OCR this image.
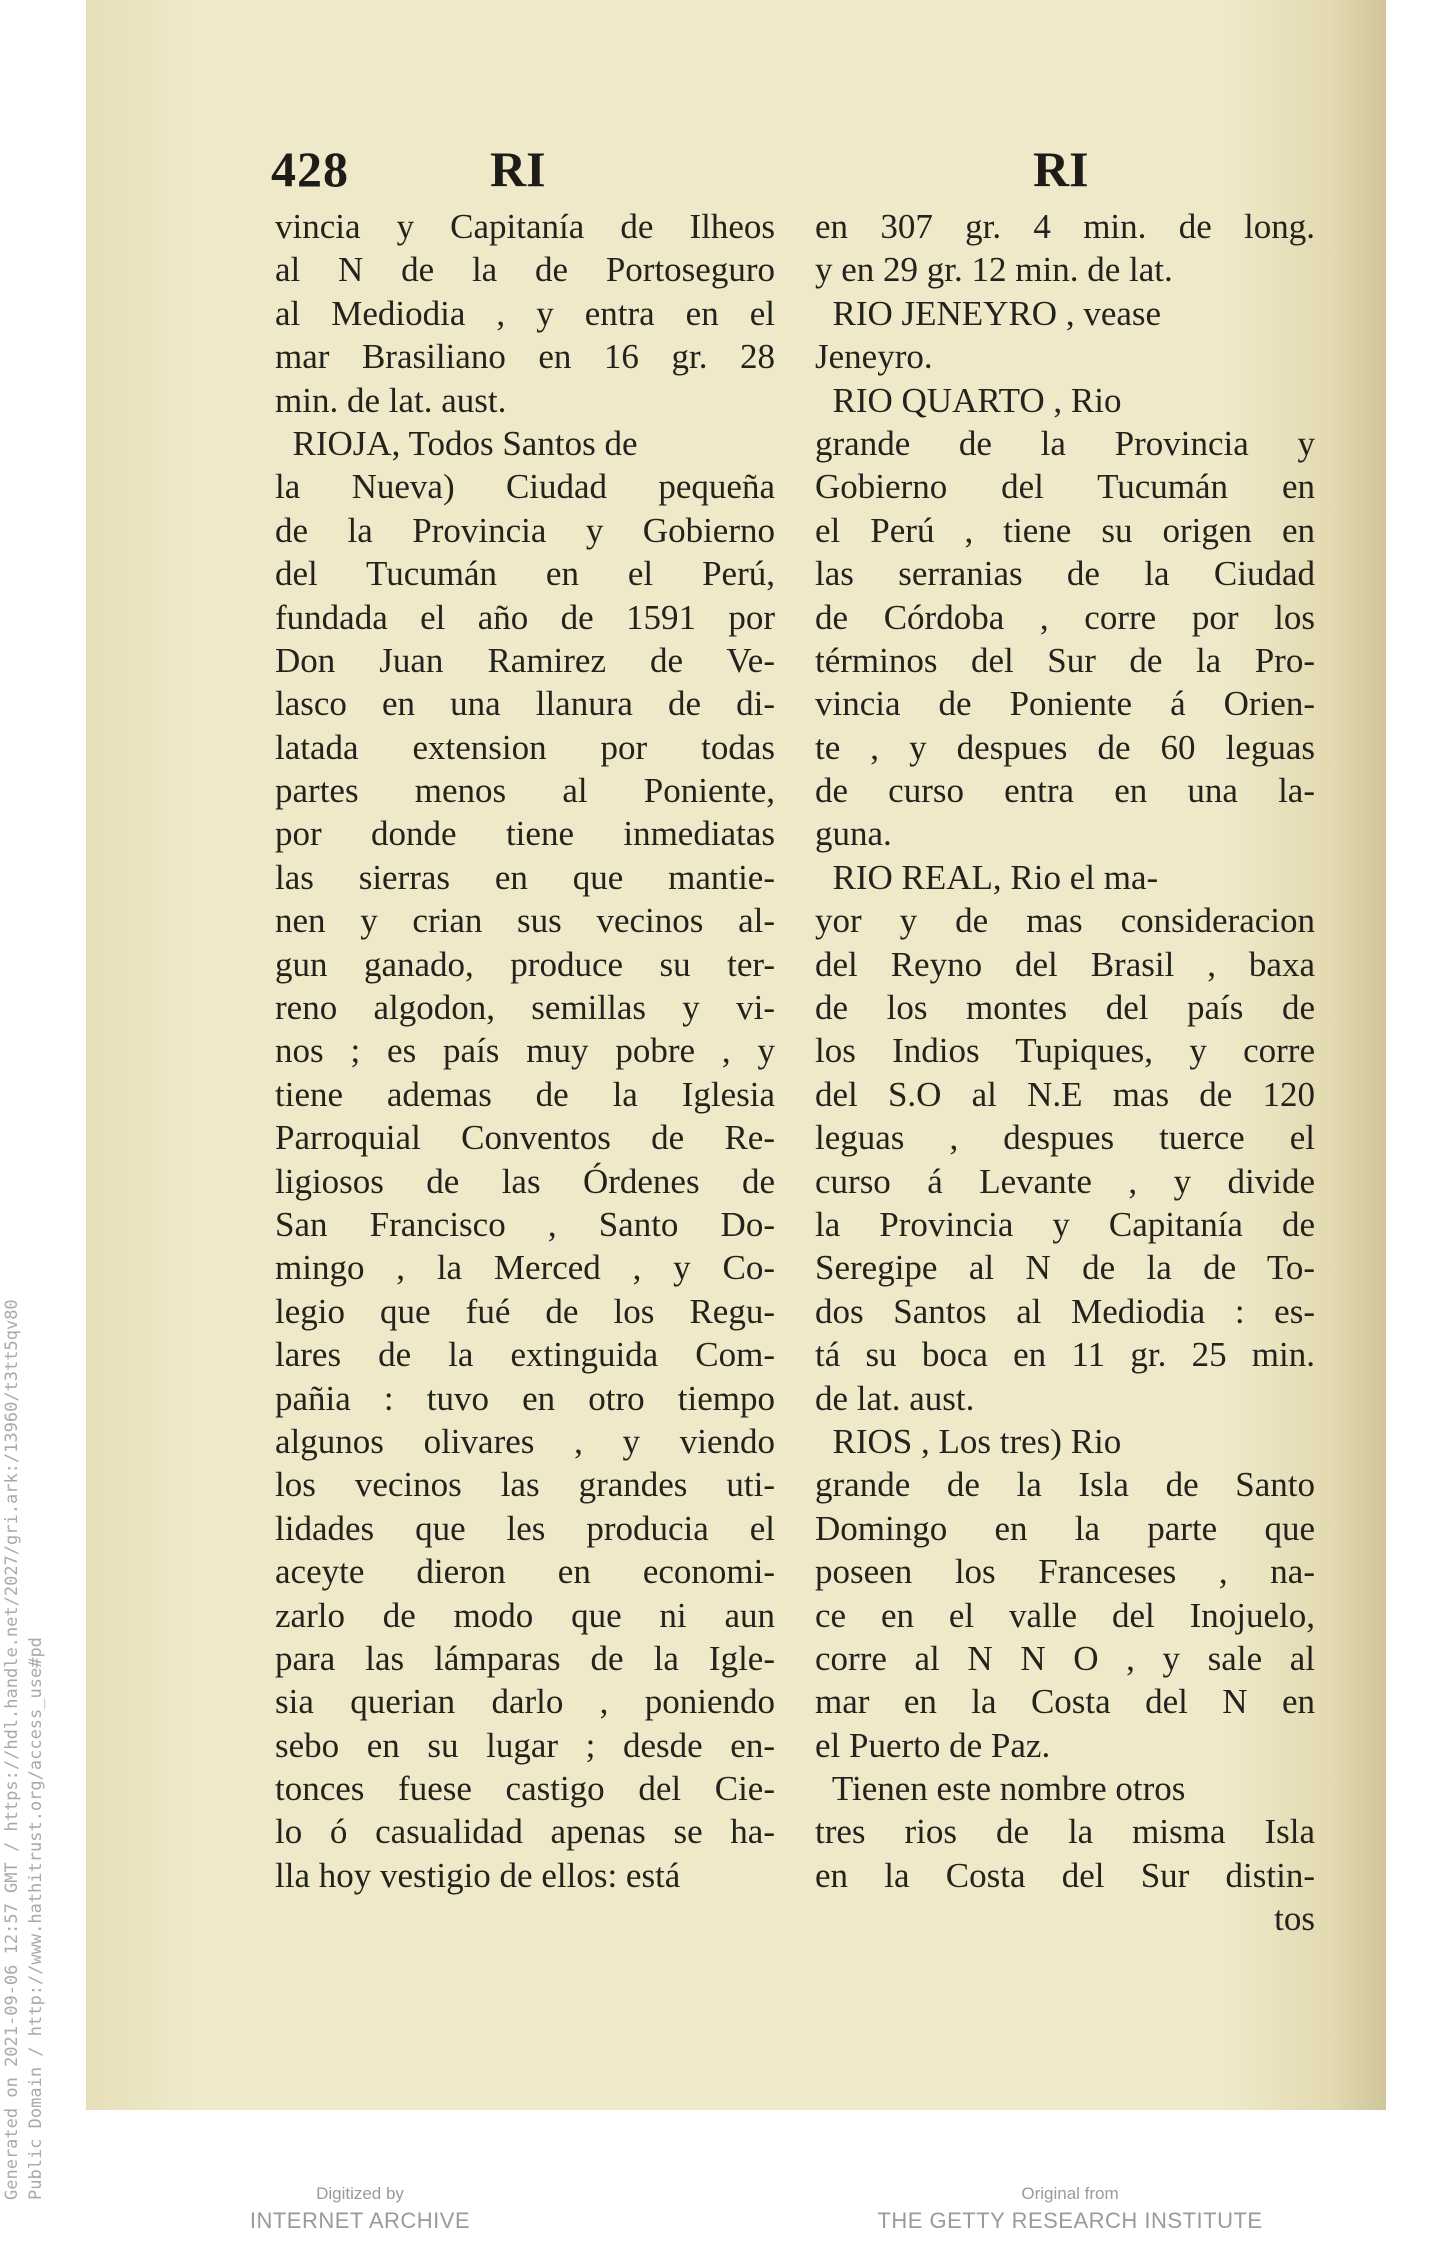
Generated on 2021-09-06 12:57 GMT / https://hdl.handle.net/2027/gri.ark:/13960/t3tt5qv80 Public Domain / http://www.hathitrust.org/access_use#pd
428	RI	RI
vincia y Capitanía de Ilheos
al N de la de Portoseguro
al Mediodia , y entra en el
mar Brasiliano en 16 gr. 28
min. de lat. aust.
RIOJA, Todos Santos de
la Nueva) Ciudad pequeña
de la Provincia y Gobierno
del Tucumán en el Perú,
fundada el año de 1591 por
Don Juan Ramirez de Ve-
lasco en una llanura de di-
latada extension por todas
partes menos al Poniente,
por donde tiene inmediatas
las sierras en que mantie-
nen y crian sus vecinos al-
gun ganado, produce su ter-
reno algodon, semillas y vi-
nos ; es país muy pobre , y
tiene ademas de la Iglesia
Parroquial Conventos de Re-
ligiosos de las Órdenes de
San Francisco , Santo Do-
mingo , la Merced , y Co-
legio que fué de los Regu-
lares de la extinguida Com-
pañia : tuvo en otro tiempo
algunos olivares , y viendo
los vecinos las grandes uti-
lidades que les producia el
aceyte dieron en economi-
zarlo de modo que ni aun
para las lámparas de la Igle-
sia querian darlo , poniendo
sebo en su lugar ; desde en-
tonces fuese castigo del Cie-
lo ó casualidad apenas se ha-
lla hoy vestigio de ellos: está
en 307 gr. 4 min. de long.
y en 29 gr. 12 min. de lat.
RIO JENEYRO , vease
Jeneyro.
RIO QUARTO , Rio
grande de la Provincia y
Gobierno del Tucumán en
el Perú , tiene su origen en
las serranias de la Ciudad
de Córdoba , corre por los
términos del Sur de la Pro-
vincia de Poniente á Orien-
te , y despues de 60 leguas
de curso entra en una la-
guna.
RIO REAL, Rio el ma-
yor y de mas consideracion
del Reyno del Brasil , baxa
de los montes del país de
los Indios Tupiques, y corre
del S.O al N.E mas de 120
leguas , despues tuerce el
curso á Levante , y divide
la Provincia y Capitanía de
Seregipe al N de la de To-
dos Santos al Mediodia : es-
tá su boca en 11 gr. 25 min.
de lat. aust.
RIOS , Los tres) Rio
grande de la Isla de Santo
Domingo en la parte que
poseen los Franceses , na-
ce en el valle del Inojuelo,
corre al N N O , y sale al
mar en la Costa del N en
el Puerto de Paz.
Tienen este nombre otros
tres rios de la misma Isla
en la Costa del Sur distin-
tos
Digitized by
INTERNET ARCHIVE
Original from
THE GETTY RESEARCH INSTITUTE
